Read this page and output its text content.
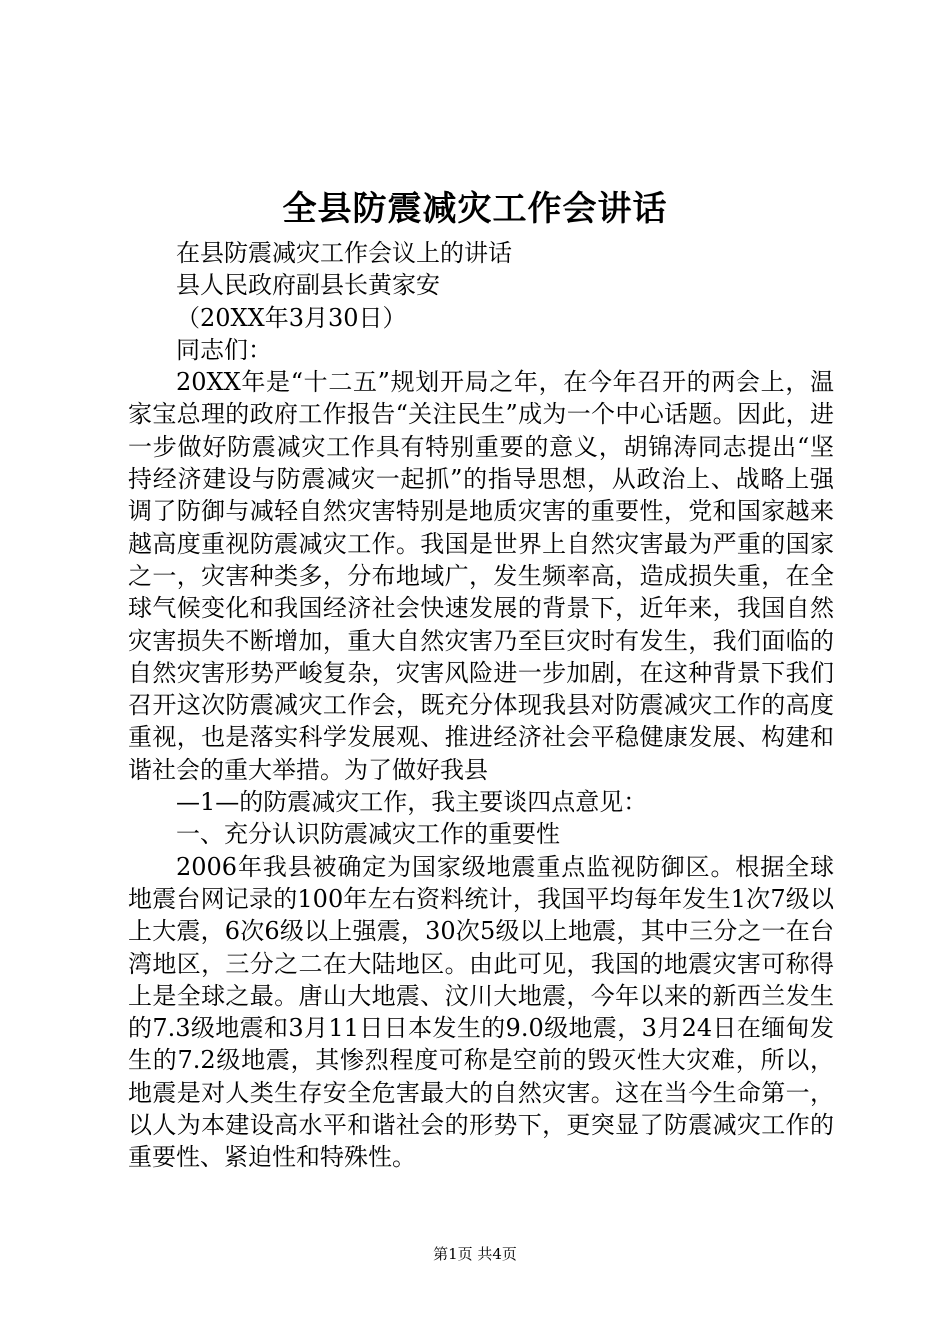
全县防震减灾工作会讲话

在县防震减灾工作会议上的讲话

县人民政府副县长黄家安

（20XX年3月30日）

同志们：

20XX年是“十二五”规划开局之年，在今年召开的两会上，温家宝总理的政府工作报告“关注民生”成为一个中心话题。因此，进一步做好防震减灾工作具有特别重要的意义，胡锦涛同志提出“坚持经济建设与防震减灾一起抓”的指导思想，从政治上、战略上强调了防御与减轻自然灾害特别是地质灾害的重要性，党和国家越来越高度重视防震减灾工作。我国是世界上自然灾害最为严重的国家之一，灾害种类多，分布地域广，发生频率高，造成损失重，在全球气候变化和我国经济社会快速发展的背景下，近年来，我国自然灾害损失不断增加，重大自然灾害乃至巨灾时有发生，我们面临的自然灾害形势严峻复杂，灾害风险进一步加剧，在这种背景下我们召开这次防震减灾工作会，既充分体现我县对防震减灾工作的高度重视，也是落实科学发展观、推进经济社会平稳健康发展、构建和谐社会的重大举措。为了做好我县

—1—的防震减灾工作，我主要谈四点意见：

一、充分认识防震减灾工作的重要性

2006年我县被确定为国家级地震重点监视防御区。根据全球地震台网记录的100年左右资料统计，我国平均每年发生1次7级以上大震，6次6级以上强震，30次5级以上地震，其中三分之一在台湾地区，三分之二在大陆地区。由此可见，我国的地震灾害可称得上是全球之最。唐山大地震、汶川大地震，今年以来的新西兰发生的7.3级地震和3月11日日本发生的9.0级地震，3月24日在缅甸发生的7.2级地震，其惨烈程度可称是空前的毁灭性大灾难，所以，地震是对人类生存安全危害最大的自然灾害。这在当今生命第一，以人为本建设高水平和谐社会的形势下，更突显了防震减灾工作的重要性、紧迫性和特殊性。

第1页 共4页
